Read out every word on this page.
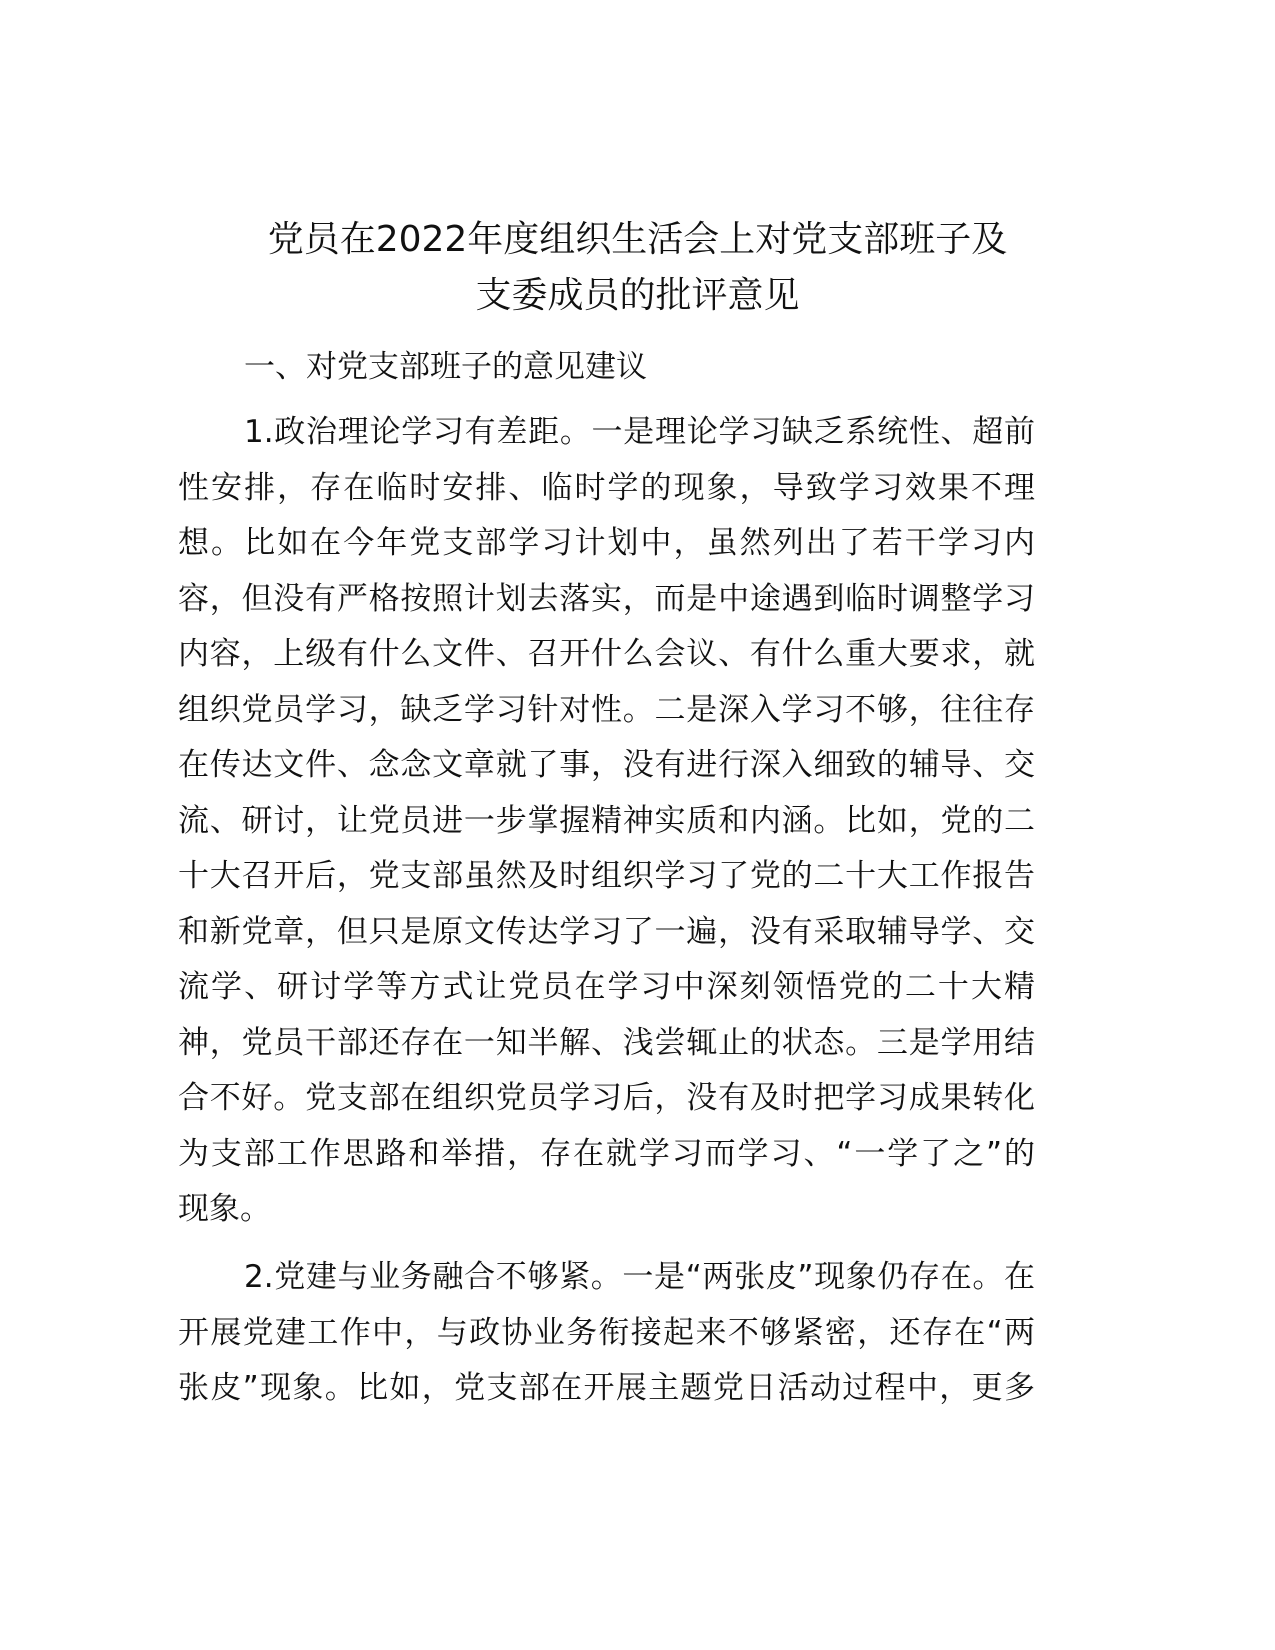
党员在2022年度组织生活会上对党支部班子及
支委成员的批评意见
一、对党支部班子的意见建议
1.政治理论学习有差距。一是理论学习缺乏系统性、超前
性安排，存在临时安排、临时学的现象，导致学习效果不理
想。比如在今年党支部学习计划中，虽然列出了若干学习内
容，但没有严格按照计划去落实，而是中途遇到临时调整学习
内容，上级有什么文件、召开什么会议、有什么重大要求，就
组织党员学习，缺乏学习针对性。二是深入学习不够，往往存
在传达文件、念念文章就了事，没有进行深入细致的辅导、交
流、研讨，让党员进一步掌握精神实质和内涵。比如，党的二
十大召开后，党支部虽然及时组织学习了党的二十大工作报告
和新党章，但只是原文传达学习了一遍，没有采取辅导学、交
流学、研讨学等方式让党员在学习中深刻领悟党的二十大精
神，党员干部还存在一知半解、浅尝辄止的状态。三是学用结
合不好。党支部在组织党员学习后，没有及时把学习成果转化
为支部工作思路和举措，存在就学习而学习、“一学了之”的
现象。
2.党建与业务融合不够紧。一是“两张皮”现象仍存在。在
开展党建工作中，与政协业务衔接起来不够紧密，还存在“两
张皮”现象。比如，党支部在开展主题党日活动过程中，更多
